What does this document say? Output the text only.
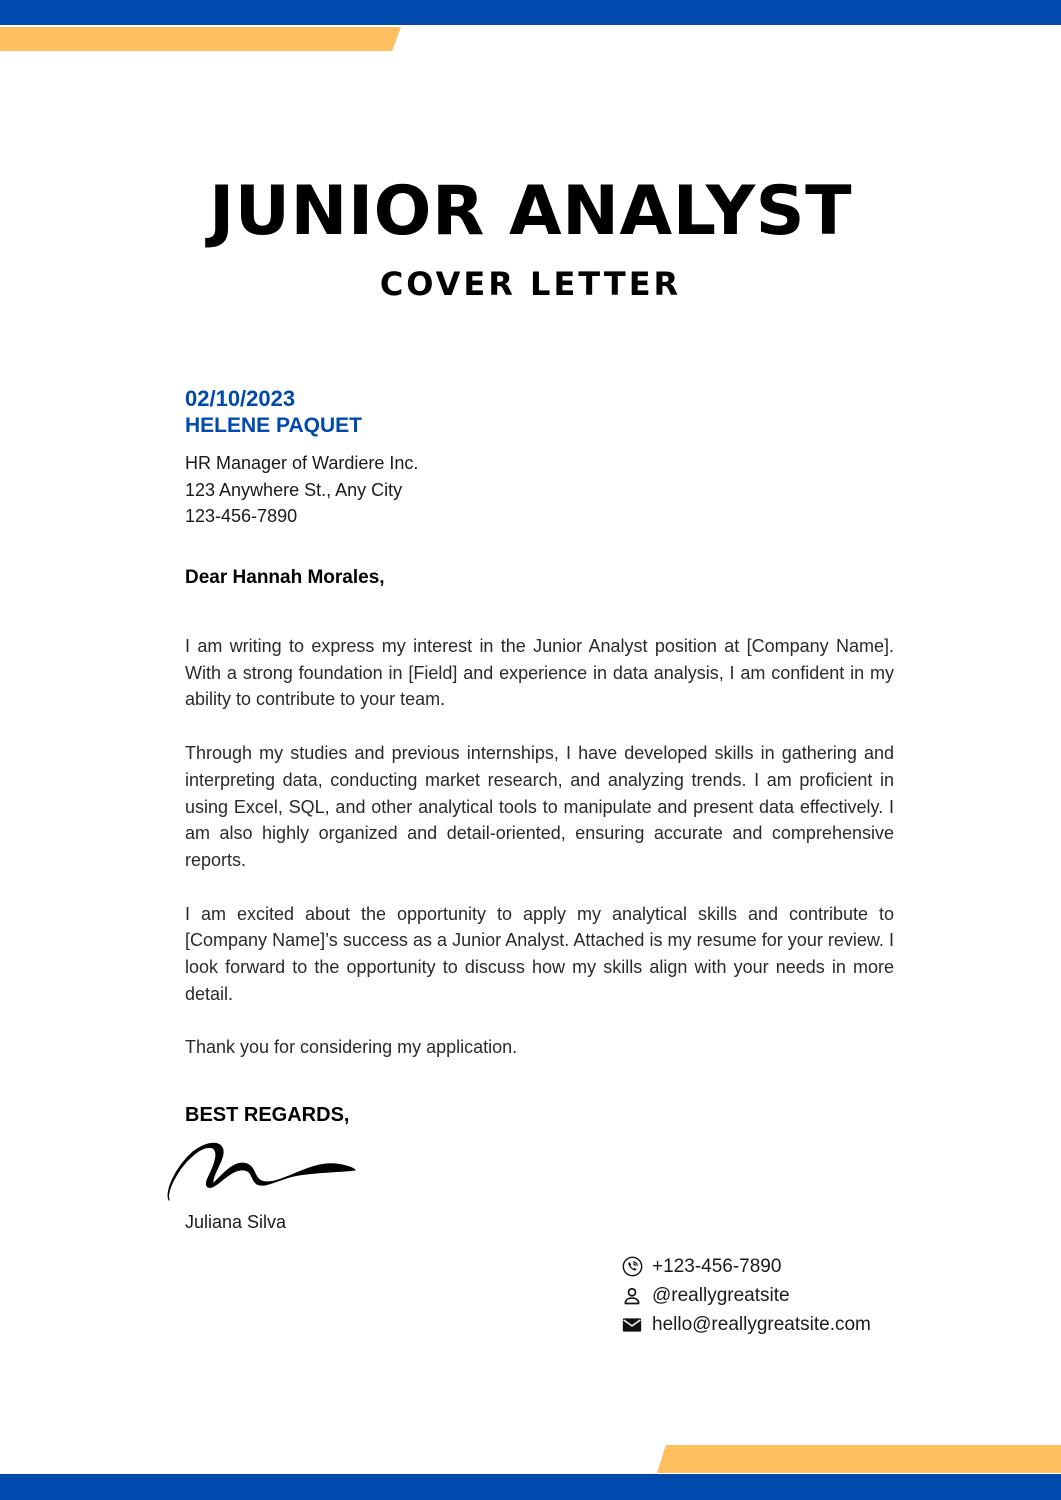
JUNIOR ANALYST
COVER LETTER
02/10/2023
HELENE PAQUET
HR Manager of Wardiere Inc.
123 Anywhere St., Any City
123-456-7890
Dear Hannah Morales,

I am writing to express my interest in the Junior Analyst position at [Company Name]. With a strong foundation in [Field] and experience in data analysis, I am confident in my ability to contribute to your team.

Through my studies and previous internships, I have developed skills in gathering and interpreting data, conducting market research, and analyzing trends. I am proficient in using Excel, SQL, and other analytical tools to manipulate and present data effectively. I am also highly organized and detail-oriented, ensuring accurate and comprehensive reports.

I am excited about the opportunity to apply my analytical skills and contribute to [Company Name]’s success as a Junior Analyst. Attached is my resume for your review. I look forward to the opportunity to discuss how my skills align with your needs in more detail.

Thank you for considering my application.

BEST REGARDS,
Juliana Silva
+123-456-7890
@reallygreatsite
hello@reallygreatsite.com
